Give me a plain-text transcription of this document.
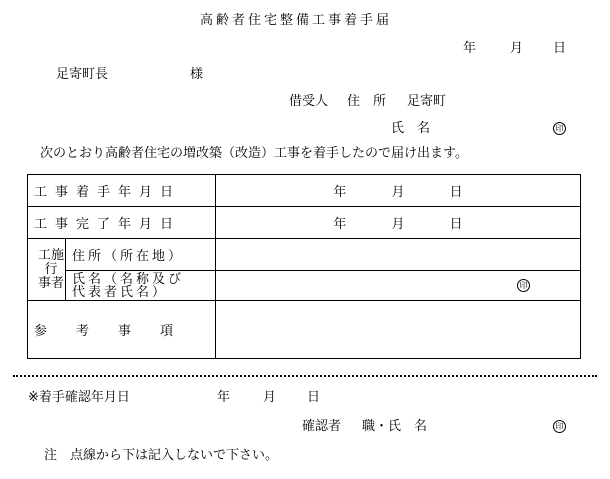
高齢者住宅整備工事着手届
年	月 日
足寄町長	様
借受人 住　所 足寄町
氏　名
印
次のとおり高齢者住宅の増改築（改造）工事を着手したので届け出ます。
工事着手年月日		年 月 日
工事完了年月日		年 月 日

工施
行
事者	住所（所在地）	

	氏名（名称及び
代表者氏名）

印

参　　考　　事　　項		
※着手確認年月日	年	月 日
確認者 職・氏　名
印
注　点線から下は記入しないで下さい。
